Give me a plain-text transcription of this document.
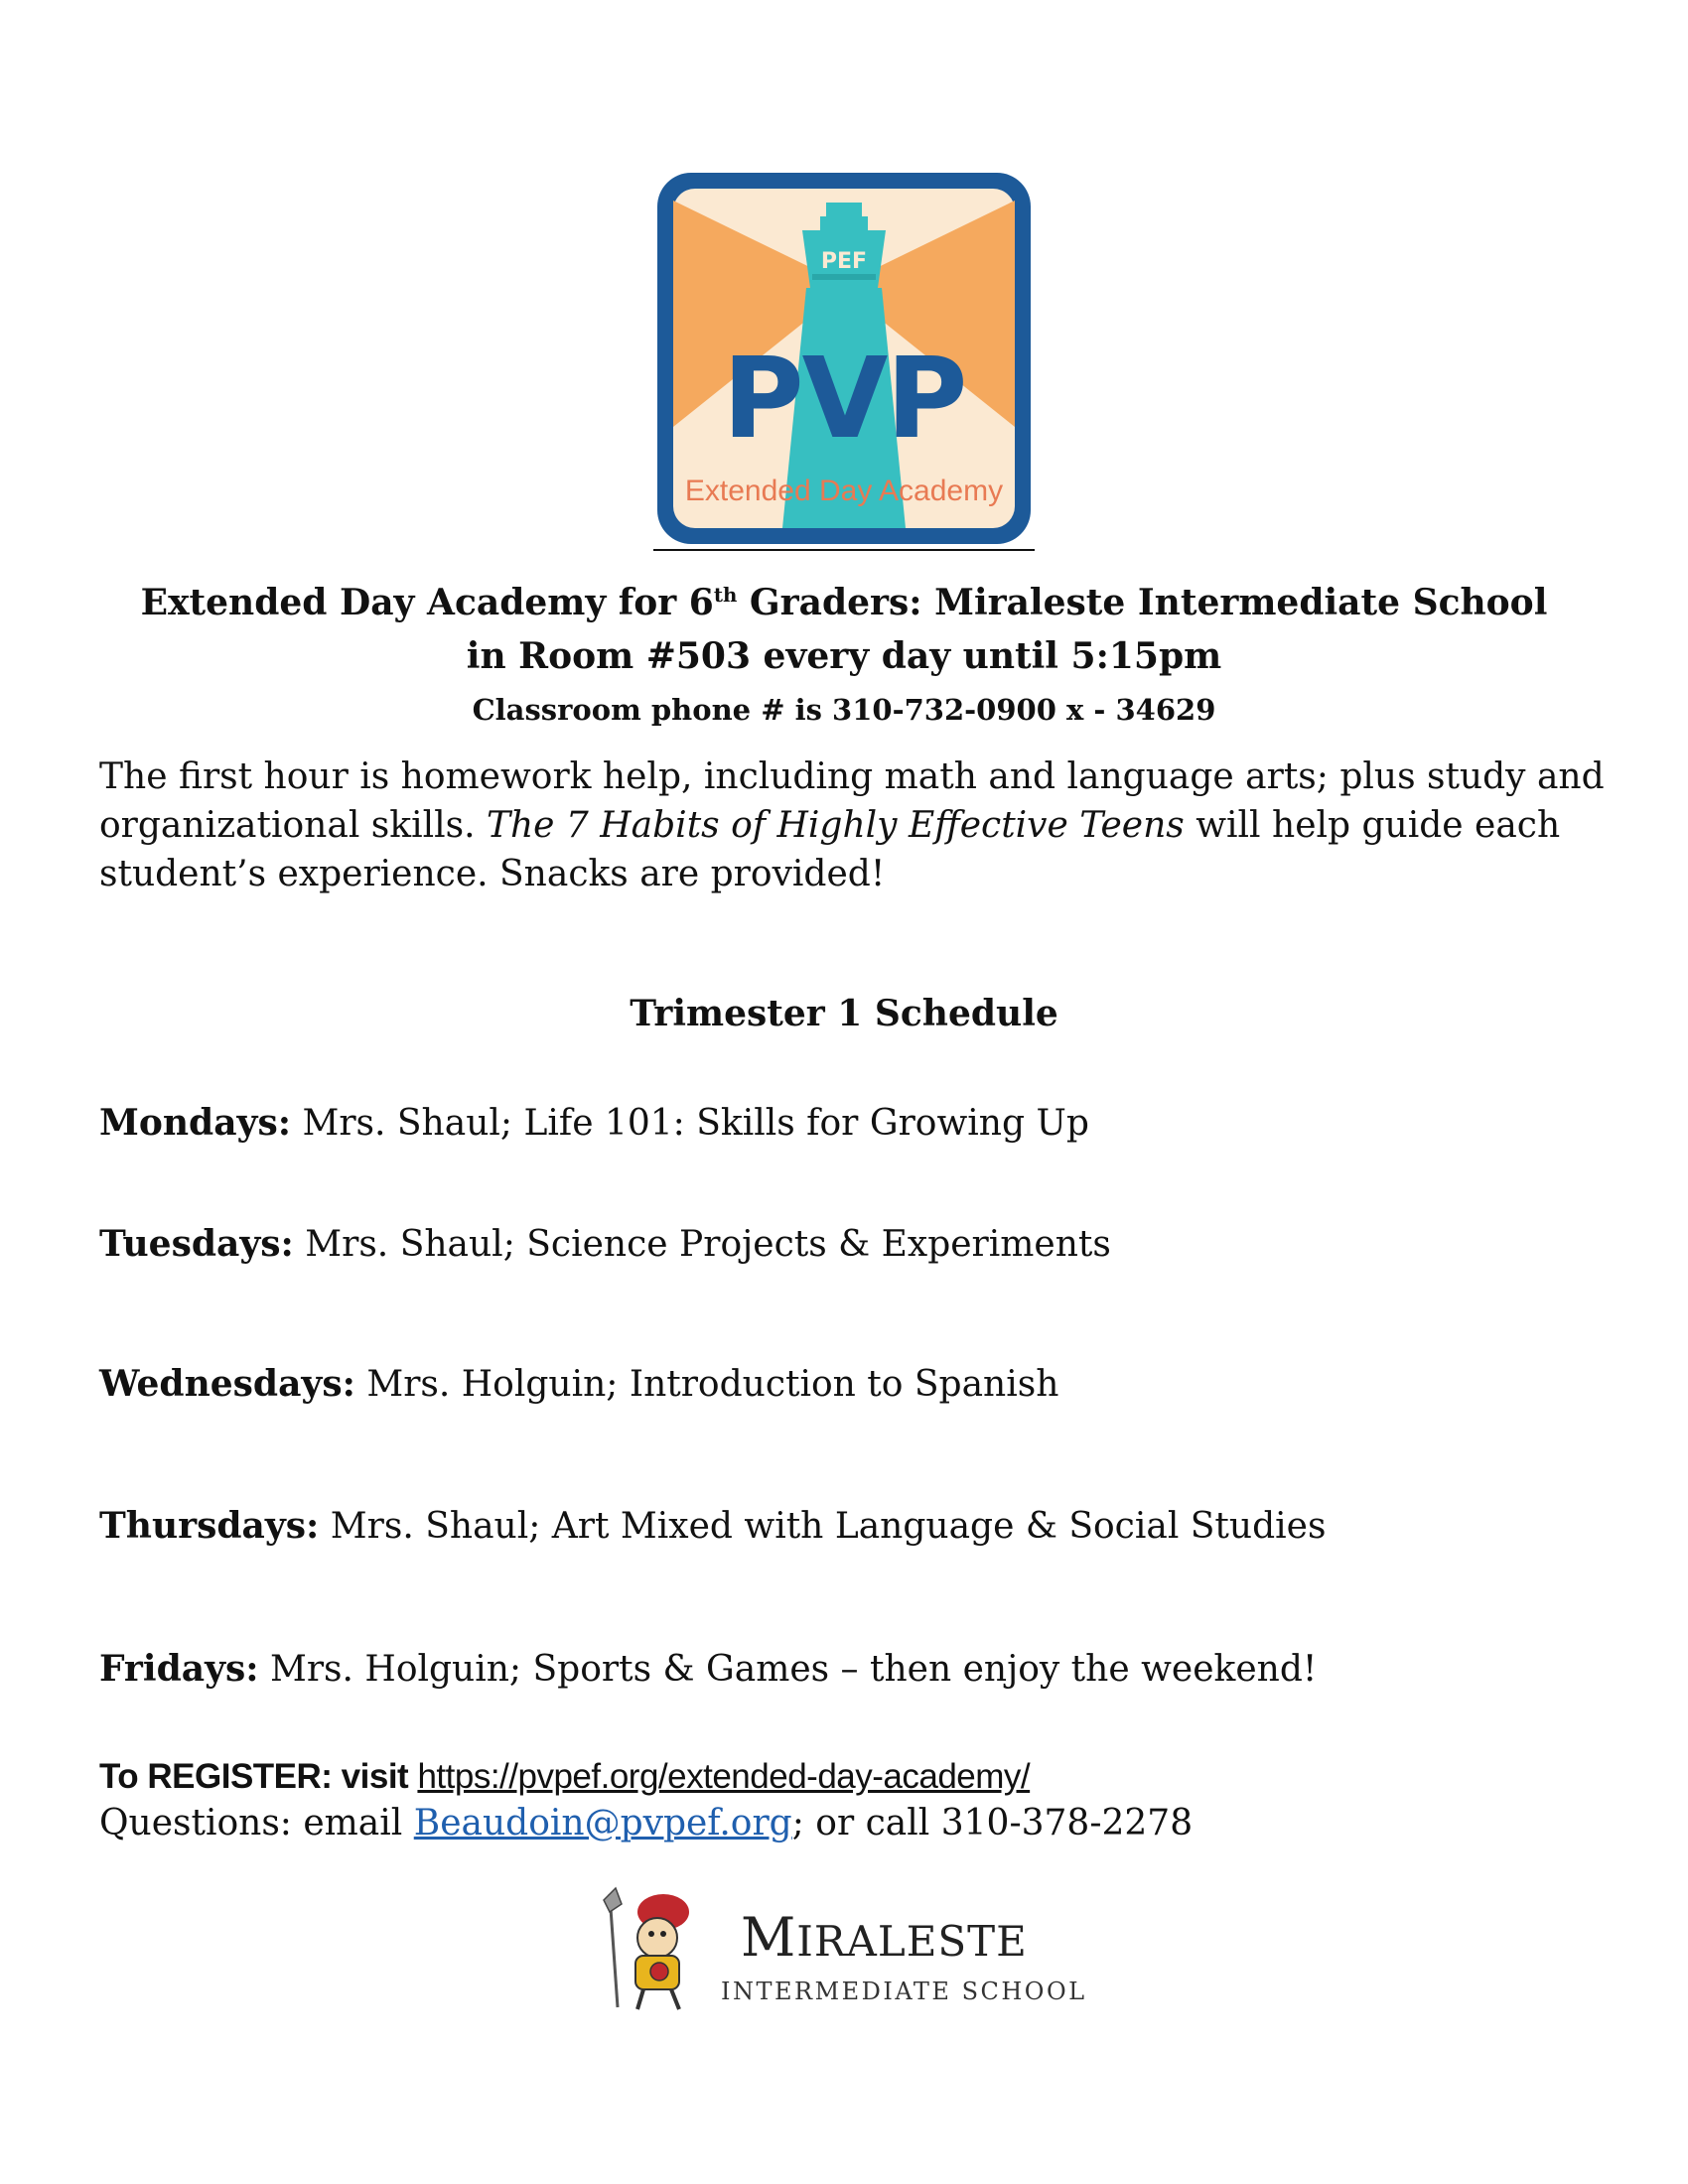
PEF
PVP
Extended Day Academy
Extended Day Academy for 6th Graders: Miraleste Intermediate School
in Room #503 every day until 5:15pm
Classroom phone # is 310-732-0900 x - 34629
The first hour is homework help, including math and language arts; plus study and organizational skills. The 7 Habits of Highly Effective Teens will help guide each student’s experience. Snacks are provided!
Trimester 1 Schedule
Mondays: Mrs. Shaul; Life 101: Skills for Growing Up
Tuesdays: Mrs. Shaul; Science Projects & Experiments
Wednesdays: Mrs. Holguin; Introduction to Spanish
Thursdays: Mrs. Shaul; Art Mixed with Language & Social Studies
Fridays: Mrs. Holguin; Sports & Games – then enjoy the weekend!
To REGISTER: visit https://pvpef.org/extended-day-academy/
Questions: email Beaudoin@pvpef.org; or call 310-378-2278
MIRALESTE
INTERMEDIATE SCHOOL
